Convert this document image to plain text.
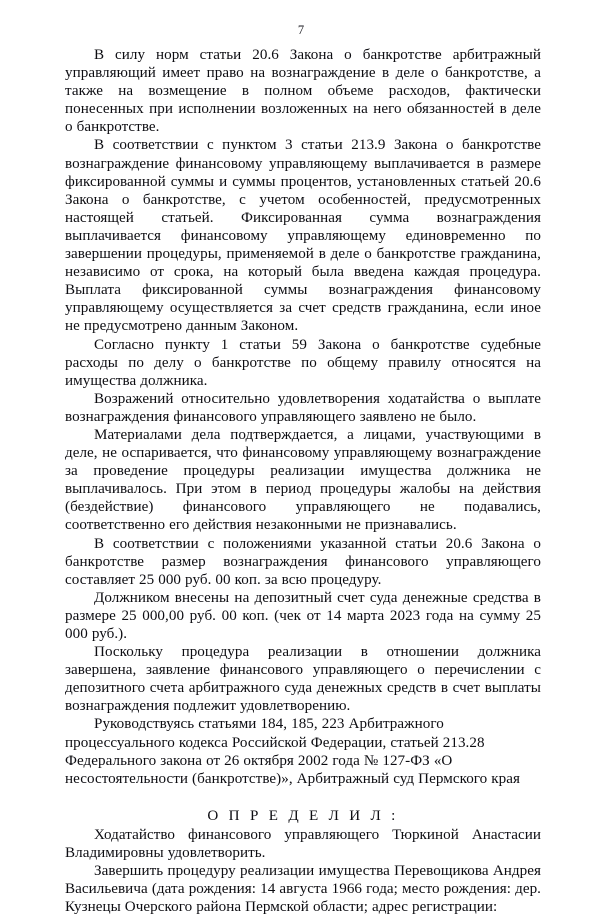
7

В силу норм статьи 20.6 Закона о банкротстве арбитражный управляющий имеет право на вознаграждение в деле о банкротстве, а также на возмещение в полном объеме расходов, фактически понесенных при исполнении возложенных на него обязанностей в деле о банкротстве.

В соответствии с пунктом 3 статьи 213.9 Закона о банкротстве вознаграждение финансовому управляющему выплачивается в размере фиксированной суммы и суммы процентов, установленных статьей 20.6 Закона о банкротстве, с учетом особенностей, предусмотренных настоящей статьей. Фиксированная сумма вознаграждения выплачивается финансовому управляющему единовременно по завершении процедуры, применяемой в деле о банкротстве гражданина, независимо от срока, на который была введена каждая процедура. Выплата фиксированной суммы вознаграждения финансовому управляющему осуществляется за счет средств гражданина, если иное не предусмотрено данным Законом.

Согласно пункту 1 статьи 59 Закона о банкротстве судебные расходы по делу о банкротстве по общему правилу относятся на имущества должника.

Возражений относительно удовлетворения ходатайства о выплате вознаграждения финансового управляющего заявлено не было.

Материалами дела подтверждается, а лицами, участвующими в деле, не оспаривается, что финансовому управляющему вознаграждение за проведение процедуры реализации имущества должника не выплачивалось. При этом в период процедуры жалобы на действия (бездействие) финансового управляющего не подавались, соответственно его действия незаконными не признавались.

В соответствии с положениями указанной статьи 20.6 Закона о банкротстве размер вознаграждения финансового управляющего составляет 25 000 руб. 00 коп. за всю процедуру.

Должником внесены на депозитный счет суда денежные средства в размере 25 000,00 руб. 00 коп. (чек от 14 марта 2023 года на сумму 25 000 руб.).

Поскольку процедура реализации в отношении должника завершена, заявление финансового управляющего о перечислении с депозитного счета арбитражного суда денежных средств в счет выплаты вознаграждения подлежит удовлетворению.

Руководствуясь статьями 184, 185, 223 Арбитражного процессуального кодекса Российской Федерации, статьей 213.28 Федерального закона от 26 октября 2002 года № 127-ФЗ «О несостоятельности (банкротстве)», Арбитражный суд Пермского края

О П Р Е Д Е Л И Л :

Ходатайство финансового управляющего Тюркиной Анастасии Владимировны удовлетворить.

Завершить процедуру реализации имущества Перевощикова Андрея Васильевича (дата рождения: 14 августа 1966 года; место рождения: дер. Кузнецы Очерского района Пермской области; адрес регистрации:
